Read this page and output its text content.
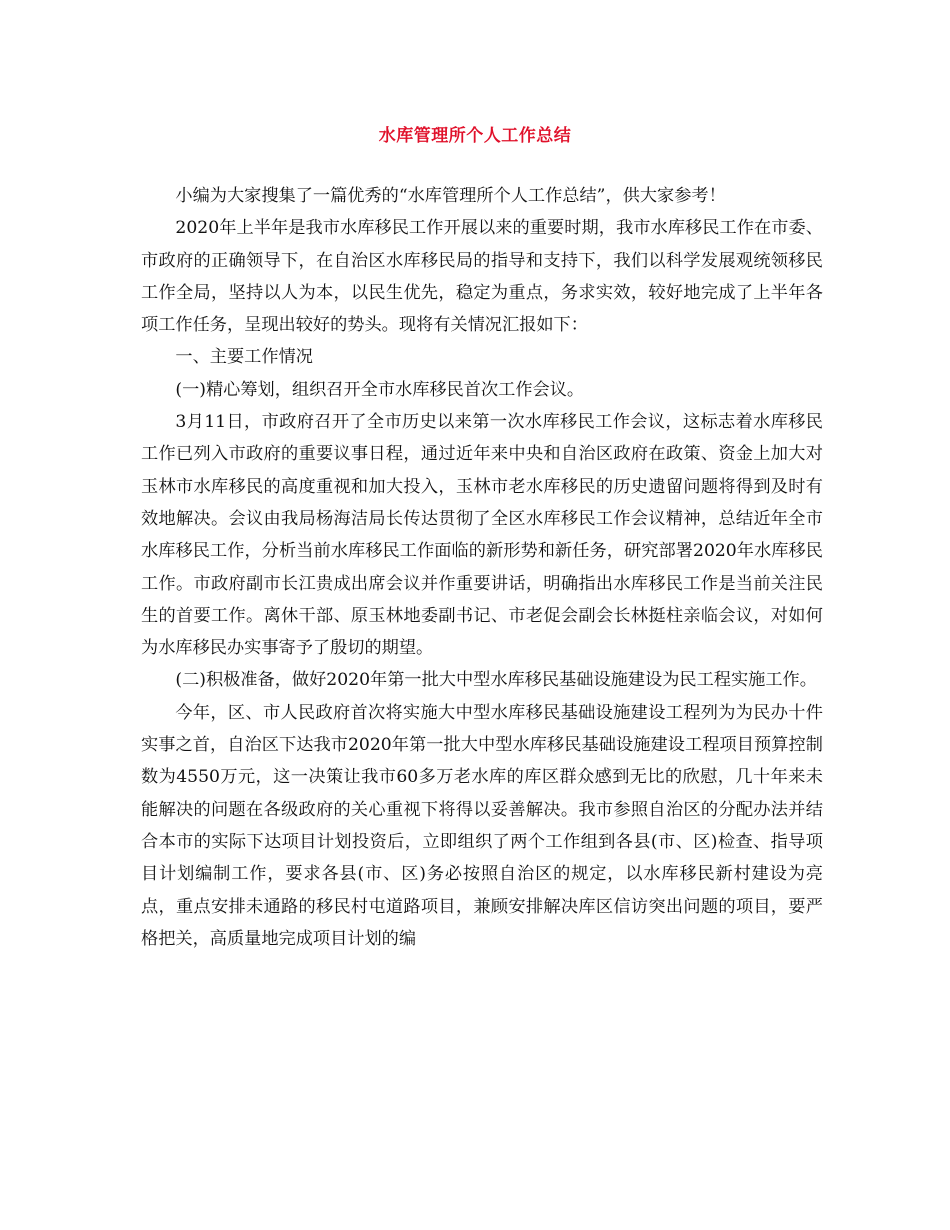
水库管理所个人工作总结

小编为大家搜集了一篇优秀的“水库管理所个人工作总结”，供大家参考！

2020年上半年是我市水库移民工作开展以来的重要时期，我市水库移民工作在市委、市政府的正确领导下，在自治区水库移民局的指导和支持下，我们以科学发展观统领移民工作全局，坚持以人为本，以民生优先，稳定为重点，务求实效，较好地完成了上半年各项工作任务，呈现出较好的势头。现将有关情况汇报如下：

一、主要工作情况

(一)精心筹划，组织召开全市水库移民首次工作会议。

3月11日，市政府召开了全市历史以来第一次水库移民工作会议，这标志着水库移民工作已列入市政府的重要议事日程，通过近年来中央和自治区政府在政策、资金上加大对玉林市水库移民的高度重视和加大投入，玉林市老水库移民的历史遗留问题将得到及时有效地解决。会议由我局杨海洁局长传达贯彻了全区水库移民工作会议精神，总结近年全市水库移民工作，分析当前水库移民工作面临的新形势和新任务，研究部署2020年水库移民工作。市政府副市长江贵成出席会议并作重要讲话，明确指出水库移民工作是当前关注民生的首要工作。离休干部、原玉林地委副书记、市老促会副会长林挺柱亲临会议，对如何为水库移民办实事寄予了殷切的期望。

(二)积极准备，做好2020年第一批大中型水库移民基础设施建设为民工程实施工作。

今年，区、市人民政府首次将实施大中型水库移民基础设施建设工程列为为民办十件实事之首，自治区下达我市2020年第一批大中型水库移民基础设施建设工程项目预算控制数为4550万元，这一决策让我市60多万老水库的库区群众感到无比的欣慰，几十年来未能解决的问题在各级政府的关心重视下将得以妥善解决。我市参照自治区的分配办法并结合本市的实际下达项目计划投资后，立即组织了两个工作组到各县(市、区)检查、指导项目计划编制工作，要求各县(市、区)务必按照自治区的规定，以水库移民新村建设为亮点，重点安排未通路的移民村屯道路项目，兼顾安排解决库区信访突出问题的项目，要严格把关，高质量地完成项目计划的编
